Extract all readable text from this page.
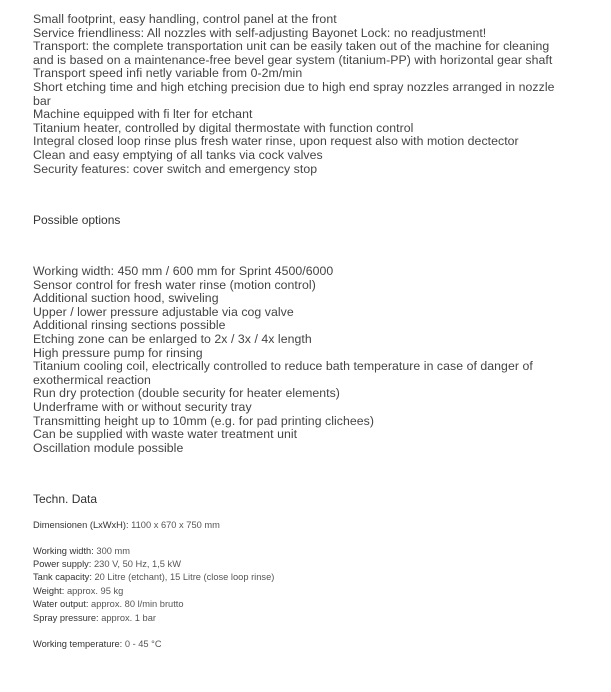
Small footprint, easy handling, control panel at the front
Service friendliness: All nozzles with self-adjusting Bayonet Lock: no readjustment!
Transport: the complete transportation unit can be easily taken out of the machine for cleaning and is based on a maintenance-free bevel gear system (titanium-PP) with horizontal gear shaft
Transport speed infi netly variable from 0-2m/min
Short etching time and high etching precision due to high end spray nozzles arranged in nozzle bar
Machine equipped with fi lter for etchant
Titanium heater, controlled by digital thermostate with function control
Integral closed loop rinse plus fresh water rinse, upon request also with motion dectector
Clean and easy emptying of all tanks via cock valves
Security features: cover switch and emergency stop
Possible options
Working width: 450 mm / 600 mm for Sprint 4500/6000
Sensor control for fresh water rinse (motion control)
Additional suction hood, swiveling
Upper / lower pressure adjustable via cog valve
Additional rinsing sections possible
Etching zone can be enlarged to 2x / 3x / 4x length
High pressure pump for rinsing
Titanium cooling coil, electrically controlled to reduce bath temperature in case of danger of exothermical reaction
Run dry protection (double security for heater elements)
Underframe with or without security tray
Transmitting height up to 10mm (e.g. for pad printing clichees)
Can be supplied with waste water treatment unit
Oscillation module possible
Techn. Data
Dimensionen (LxWxH): 1100 x 670 x 750 mm
Working width: 300 mm
Power supply: 230 V, 50 Hz, 1,5 kW
Tank capacity: 20 Litre (etchant), 15 Litre (close loop rinse)
Weight: approx. 95 kg
Water output: approx. 80 l/min brutto
Spray pressure: approx. 1 bar
Working temperature: 0 - 45 °C
